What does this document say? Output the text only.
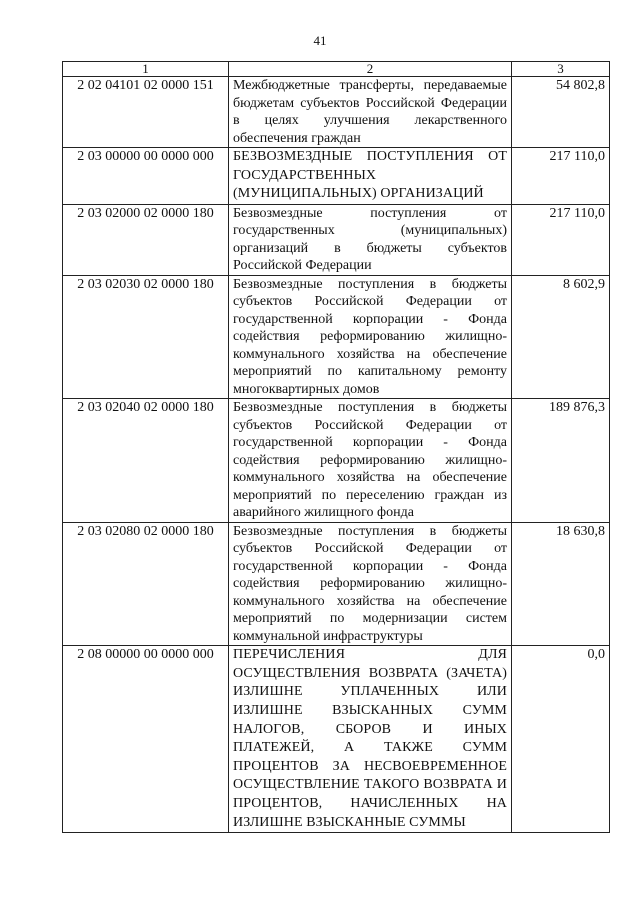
41
1	2	3
2 02 04101 02 0000 151	Межбюджетные трансферты, передаваемые бюджетам субъектов Российской Федерации в целях улучшения лекарственного обеспечения граждан	54 802,8
2 03 00000 00 0000 000	БЕЗВОЗМЕЗДНЫЕ ПОСТУПЛЕНИЯ ОТ ГОСУДАРСТВЕННЫХ (МУНИЦИПАЛЬНЫХ) ОРГАНИЗАЦИЙ	217 110,0
2 03 02000 02 0000 180	Безвозмездные поступления от государственных (муниципальных) организаций в бюджеты субъектов Российской Федерации	217 110,0
2 03 02030 02 0000 180	Безвозмездные поступления в бюджеты субъектов Российской Федерации от государственной корпорации - Фонда содействия реформированию жилищно-коммунального хозяйства на обеспечение мероприятий по капитальному ремонту многоквартирных домов	8 602,9
2 03 02040 02 0000 180	Безвозмездные поступления в бюджеты субъектов Российской Федерации от государственной корпорации - Фонда содействия реформированию жилищно-коммунального хозяйства на обеспечение мероприятий по переселению граждан из аварийного жилищного фонда	189 876,3
2 03 02080 02 0000 180	Безвозмездные поступления в бюджеты субъектов Российской Федерации от государственной корпорации - Фонда содействия реформированию жилищно-коммунального хозяйства на обеспечение мероприятий по модернизации систем коммунальной инфраструктуры	18 630,8
2 08 00000 00 0000 000	ПЕРЕЧИСЛЕНИЯ ДЛЯ ОСУЩЕСТВЛЕНИЯ ВОЗВРАТА (ЗАЧЕТА) ИЗЛИШНЕ УПЛАЧЕННЫХ ИЛИ ИЗЛИШНЕ ВЗЫСКАННЫХ СУММ НАЛОГОВ, СБОРОВ И ИНЫХ ПЛАТЕЖЕЙ, А ТАКЖЕ СУММ ПРОЦЕНТОВ ЗА НЕСВОЕВРЕМЕННОЕ ОСУЩЕСТВЛЕНИЕ ТАКОГО ВОЗВРАТА И ПРОЦЕНТОВ, НАЧИСЛЕННЫХ НА ИЗЛИШНЕ ВЗЫСКАННЫЕ СУММЫ	0,0
